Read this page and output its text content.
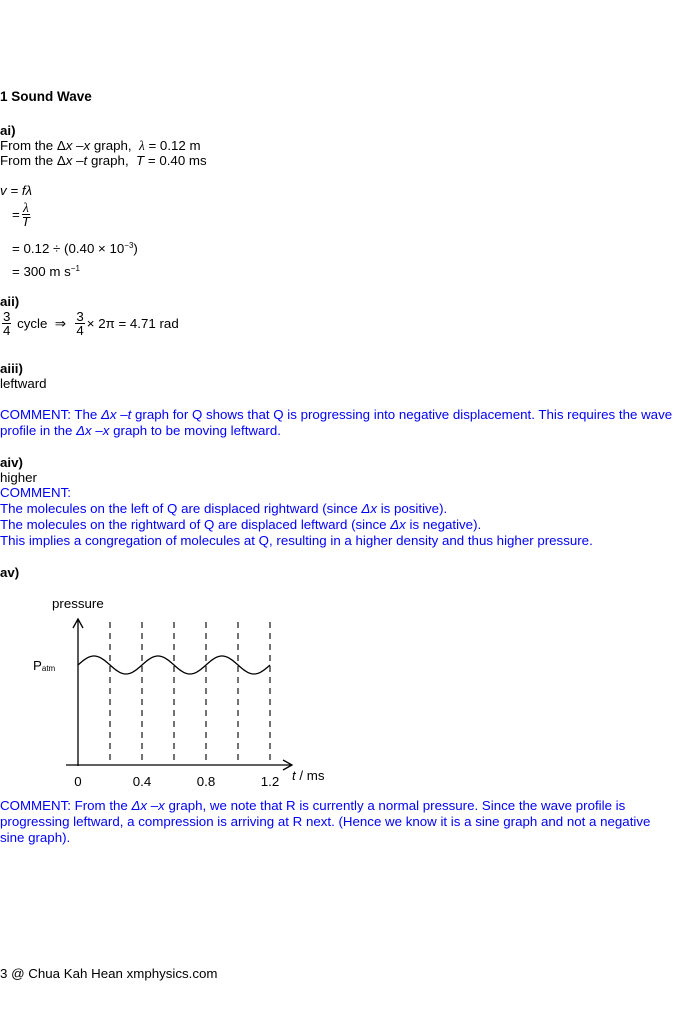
1 Sound Wave
ai)
From the Δx –x graph,  λ = 0.12 m
From the Δx –t graph,  T = 0.40 ms
v = fλ
= $\frac{\lambda}{T}$
= $0.12 \div (0.40 \times 10^{-3})$
= 300 m $s^{-1}$
aii)
$\frac{3}{4}$ cycle  ⇒ $\frac{3}{4} \times 2\pi = 4.71$ rad
aiii)
leftward
COMMENT: The Δx –t graph for Q shows that Q is progressing into negative displacement. This requires the wave
profile in the Δx –x graph to be moving leftward.
aiv)
higher
COMMENT:
The molecules on the left of Q are displaced rightward (since Δx is positive).
The molecules on the rightward of Q are displaced leftward (since Δx is negative).
This implies a congregation of molecules at Q, resulting in a higher density and thus higher pressure.
av)
pressure
Patm
0	0.4	0.8	1.2 t / ms
COMMENT: From the Δx –x graph, we note that R is currently a normal pressure. Since the wave profile is
progressing leftward, a compression is arriving at R next. (Hence we know it is a sine graph and not a negative
sine graph).
3 @ Chua Kah Hean xmphysics.com
